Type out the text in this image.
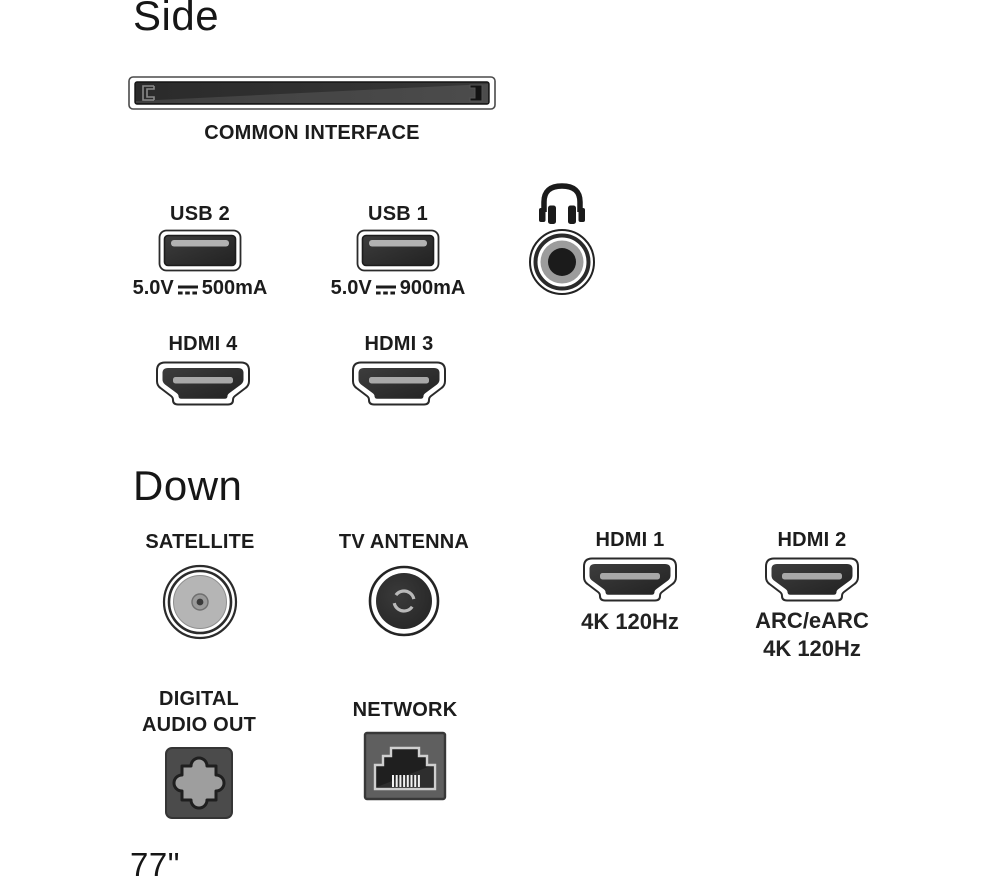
Side
COMMON INTERFACE
USB 2
5.0V 500mA
USB 1
5.0V 900mA
HDMI 4	HDMI 3
Down
SATELLITE	TV ANTENNA	HDMI 1
4K 120Hz
HDMI 2
ARC/eARC
4K 120Hz
DIGITAL
AUDIO OUT
NETWORK
77"
